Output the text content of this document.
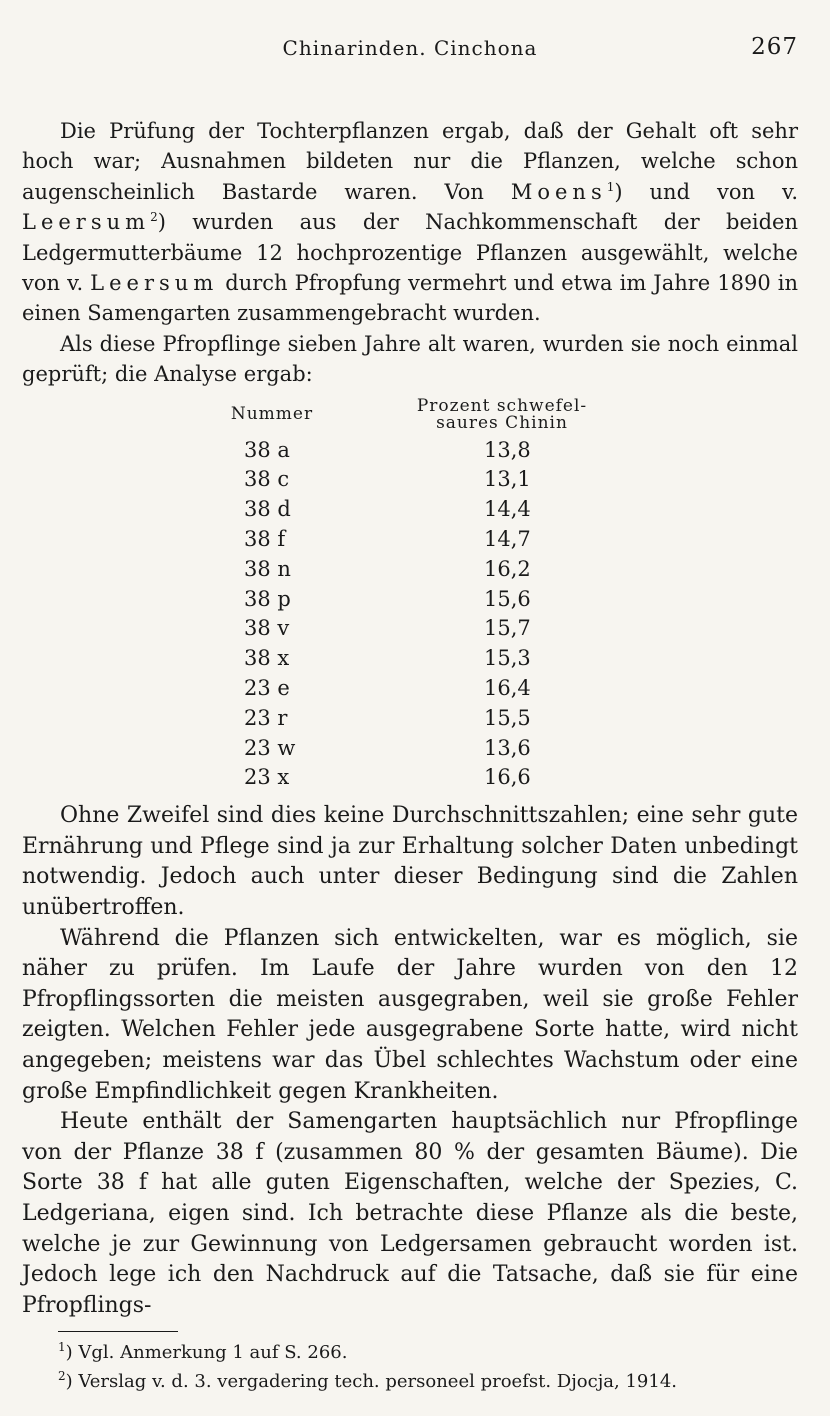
Chinarinden. Cinchona	267

Die Prüfung der Tochterpflanzen ergab, daß der Gehalt oft sehr hoch war; Ausnahmen bildeten nur die Pflanzen, welche schon augenscheinlich Bastarde waren. Von Moens$^1$) und von v. Leersum$^2$) wurden aus der Nachkommenschaft der beiden Ledgermutterbäume 12 hochprozentige Pflanzen ausgewählt, welche von v. Leersum durch Pfropfung vermehrt und etwa im Jahre 1890 in einen Samengarten zusammengebracht wurden.

Als diese Pfropflinge sieben Jahre alt waren, wurden sie noch einmal geprüft; die Analyse ergab:

Nummer	Prozent schwefel-
saures Chinin

38 a	13,8
38 c	13,1
38 d	14,4
38 f	14,7
38 n	16,2
38 p	15,6
38 v	15,7
38 x	15,3
23 e	16,4
23 r	15,5
23 w	13,6
23 x	16,6

Ohne Zweifel sind dies keine Durchschnittszahlen; eine sehr gute Ernährung und Pflege sind ja zur Erhaltung solcher Daten unbedingt notwendig. Jedoch auch unter dieser Bedingung sind die Zahlen unübertroffen.

Während die Pflanzen sich entwickelten, war es möglich, sie näher zu prüfen. Im Laufe der Jahre wurden von den 12 Pfropflingssorten die meisten ausgegraben, weil sie große Fehler zeigten. Welchen Fehler jede ausgegrabene Sorte hatte, wird nicht angegeben; meistens war das Übel schlechtes Wachstum oder eine große Empfindlichkeit gegen Krankheiten.

Heute enthält der Samengarten hauptsächlich nur Pfropflinge von der Pflanze 38 f (zusammen 80 % der gesamten Bäume). Die Sorte 38 f hat alle guten Eigenschaften, welche der Spezies, C. Ledgeriana, eigen sind. Ich betrachte diese Pflanze als die beste, welche je zur Gewinnung von Ledgersamen gebraucht worden ist. Jedoch lege ich den Nachdruck auf die Tatsache, daß sie für eine Pfropflings-

$^1$) Vgl. Anmerkung 1 auf S. 266.
$^2$) Verslag v. d. 3. vergadering tech. personeel proefst. Djocja, 1914.
